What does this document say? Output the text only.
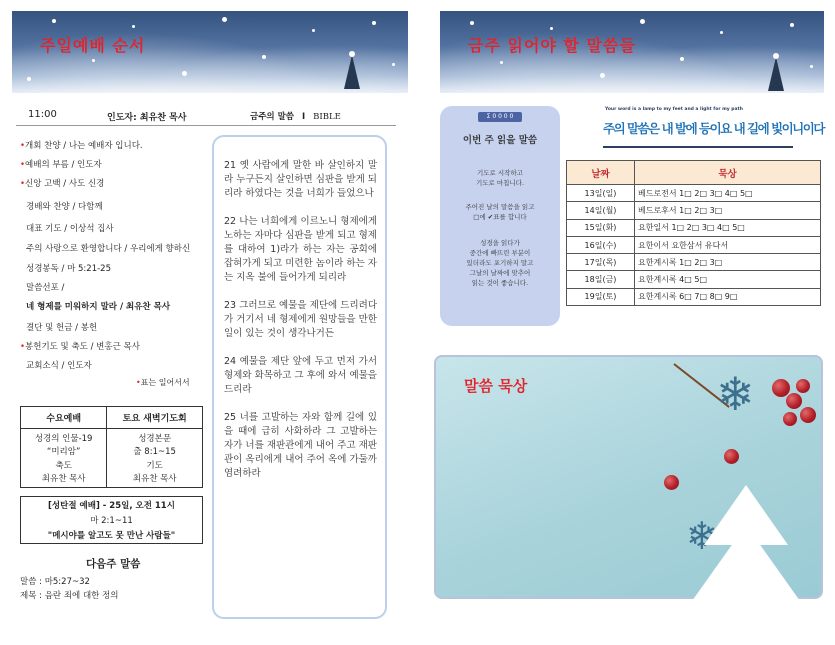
주일예배 순서	금주 읽어야 할 말씀들
11:00	인도자: 최유찬 목사	금주의 말씀 I BIBLE
•개회 찬양 / 나는 예배자 입니다.
•예배의 부름 / 인도자
•신앙 고백 / 사도 신경
경배와 찬양 / 다함께
대표 기도 / 이상석 집사
주의 사랑으로 환영합니다 / 우리에게 향하신
성경봉독 / 마 5:21-25
말씀선포 /
네 형제를 미워하지 말라 / 최유찬 목사
결단 및 헌금 / 봉헌
•봉헌기도 및 축도 / 변홍근 목사
교회소식 / 인도자
•표는 일어서서
수요예배	토요 새벽기도회
성경의 인물-19	성경본문
“미리암”	출 8:1~15
축도	기도
최유찬 목사	최유찬 목사
[성탄절 예배] - 25일, 오전 11시
마 2:1~11
"메시야를 알고도 못 만난 사람들"
다음주 말씀
말씀 : 마5:27~32
제목 : 음란 죄에 대한 정의

21 옛 사람에게 말한 바 살인하지 말라 누구든지 살인하면 심판을 받게 되리라 하였다는 것을 너희가 들었으나

22 나는 너희에게 이르노니 형제에게 노하는 자마다 심판을 받게 되고 형제를 대하여 1)라가 하는 자는 공회에 잡혀가게 되고 미련한 놈이라 하는 자는 지옥 불에 들어가게 되리라

23 그러므로 예물을 제단에 드리려다가 거기서 네 형제에게 원망들을 만한 일이 있는 것이 생각나거든

24 예물을 제단 앞에 두고 먼저 가서 형제와 화목하고 그 후에 와서 예물을 드리라

25 너를 고발하는 자와 함께 길에 있을 때에 급히 사화하라 그 고발하는 자가 너를 재판관에게 내어 주고 재판관이 옥리에게 내어 주어 옥에 가둘까 염려하라

Σ 0 0 0 0
이번 주 읽을 말씀
기도로 시작하고
기도로 마칩니다.
주어진 날의 말씀을 읽고
□에 ✔표를 합니다
성경을 읽다가
중간에 빠뜨린 부분이
있더라도 포기하지 말고
그날의 날짜에 맞추어
읽는 것이 좋습니다.
Your word is a lamp to my feet and a light for my path
주의 말씀은 내 발에 등이요 내 길에 빛이니이다
날짜	묵상
13일(일)	베드로전서 1□ 2□ 3□ 4□ 5□
14일(월)	베드로후서 1□ 2□ 3□
15일(화)	요한일서 1□ 2□ 3□ 4□ 5□
16일(수)	요한이서 요한삼서 유다서
17일(목)	요한계시록 1□ 2□ 3□
18일(금)	요한계시록 4□ 5□
19일(토)	요한계시록 6□ 7□ 8□ 9□
말씀 묵상	❄
❄
